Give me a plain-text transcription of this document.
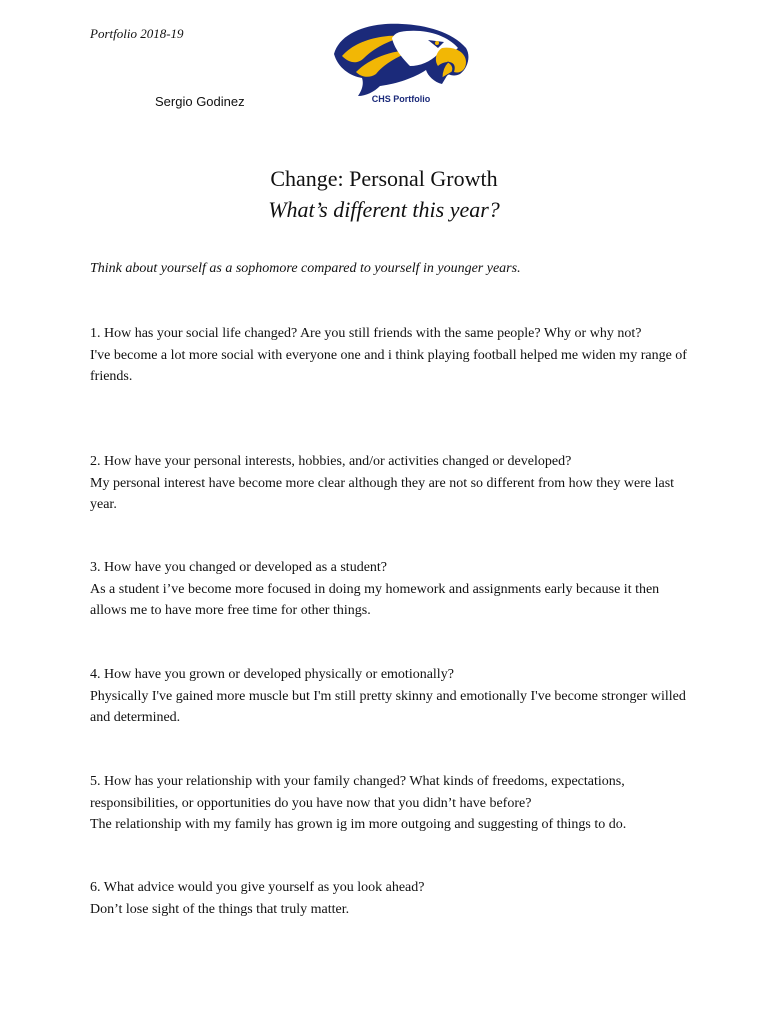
Portfolio 2018-19
Sergio Godinez	CHS Portfolio
Change: Personal Growth
What’s different this year?
Think about yourself as a sophomore compared to yourself in younger years.

1. How has your social life changed? Are you still friends with the same people? Why or why not?

I've become a lot more social with everyone one and i think playing football helped me widen my range of friends.

2. How have your personal interests, hobbies, and/or activities changed or developed?

My personal interest have become more clear although they are not so different from how they were last year.

3. How have you changed or developed as a student?

As a student i’ve become more focused in doing my homework and assignments early because it then allows me to have more free time for other things.

4. How have you grown or developed physically or emotionally?

Physically I've gained more muscle but I'm still pretty skinny and emotionally I've become stronger willed and determined.

5. How has your relationship with your family changed? What kinds of freedoms, expectations, responsibilities, or opportunities do you have now that you didn’t have before?

The relationship with my family has grown ig im more outgoing and suggesting of things to do.

6. What advice would you give yourself as you look ahead?

Don’t lose sight of the things that truly matter.
